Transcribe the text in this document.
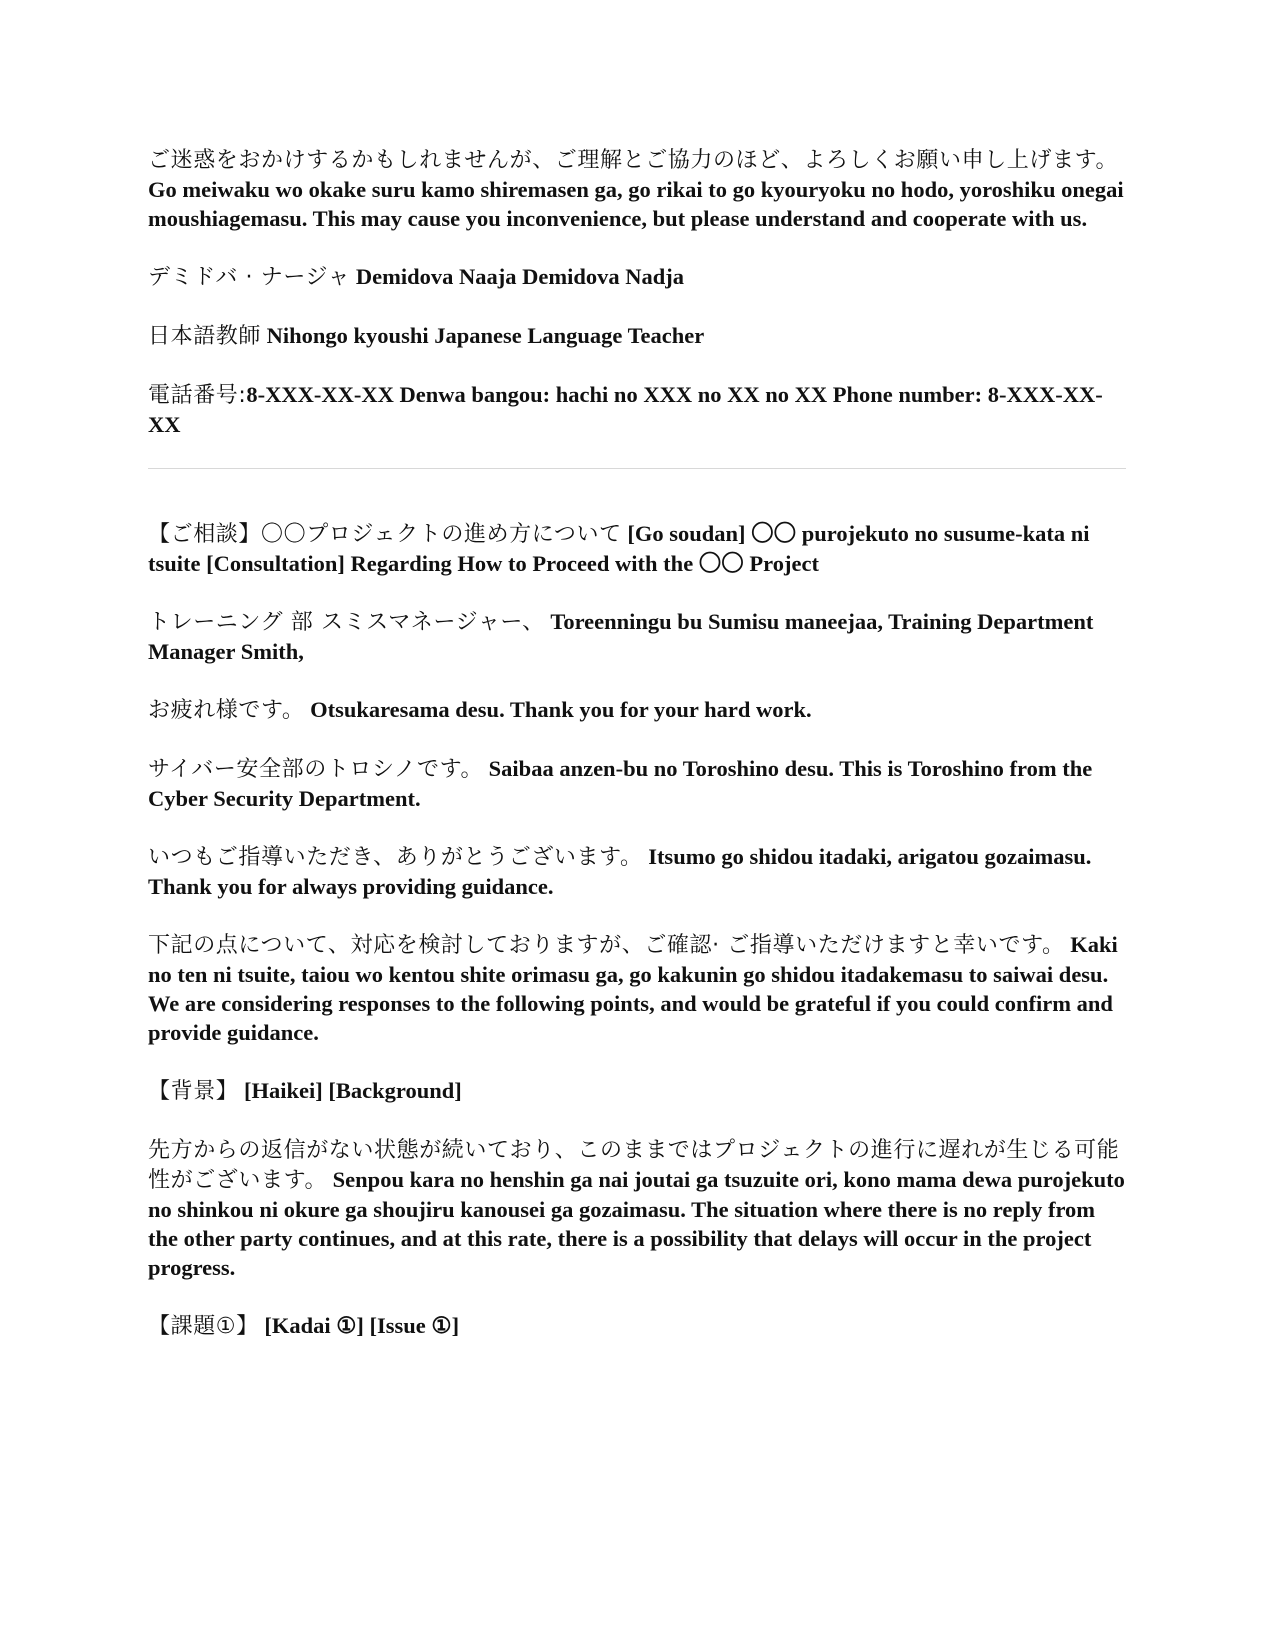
ご迷惑をおかけするかもしれませんが、ご理解とご協力のほど、よろしくお願い申し上げます。 Go meiwaku wo okake suru kamo shiremasen ga, go rikai to go kyouryoku no hodo, yoroshiku onegai moushiagemasu. This may cause you inconvenience, but please understand and cooperate with us.

デミドバ · ナージャ Demidova Naaja Demidova Nadja

日本語教師 Nihongo kyoushi Japanese Language Teacher

電話番号:8-XXX-XX-XX Denwa bangou: hachi no XXX no XX no XX Phone number: 8-XXX-XX-XX

【ご相談】〇〇プロジェクトの進め方について [Go soudan] 〇〇 purojekuto no susume-kata ni tsuite [Consultation] Regarding How to Proceed with the 〇〇 Project

トレーニング 部 スミスマネージャー、 Toreenningu bu Sumisu maneejaa, Training Department Manager Smith,

お疲れ様です。 Otsukaresama desu. Thank you for your hard work.

サイバー安全部のトロシノです。 Saibaa anzen-bu no Toroshino desu. This is Toroshino from the Cyber Security Department.

いつもご指導いただき、ありがとうございます。 Itsumo go shidou itadaki, arigatou gozaimasu. Thank you for always providing guidance.

下記の点について、対応を検討しておりますが、ご確認· ご指導いただけますと幸いです。 Kaki no ten ni tsuite, taiou wo kentou shite orimasu ga, go kakunin go shidou itadakemasu to saiwai desu. We are considering responses to the following points, and would be grateful if you could confirm and provide guidance.

【背景】 [Haikei] [Background]

先方からの返信がない状態が続いており、このままではプロジェクトの進行に遅れが生じる可能性がございます。 Senpou kara no henshin ga nai joutai ga tsuzuite ori, kono mama dewa purojekuto no shinkou ni okure ga shoujiru kanousei ga gozaimasu. The situation where there is no reply from the other party continues, and at this rate, there is a possibility that delays will occur in the project progress.

【課題①】 [Kadai ①] [Issue ①]
